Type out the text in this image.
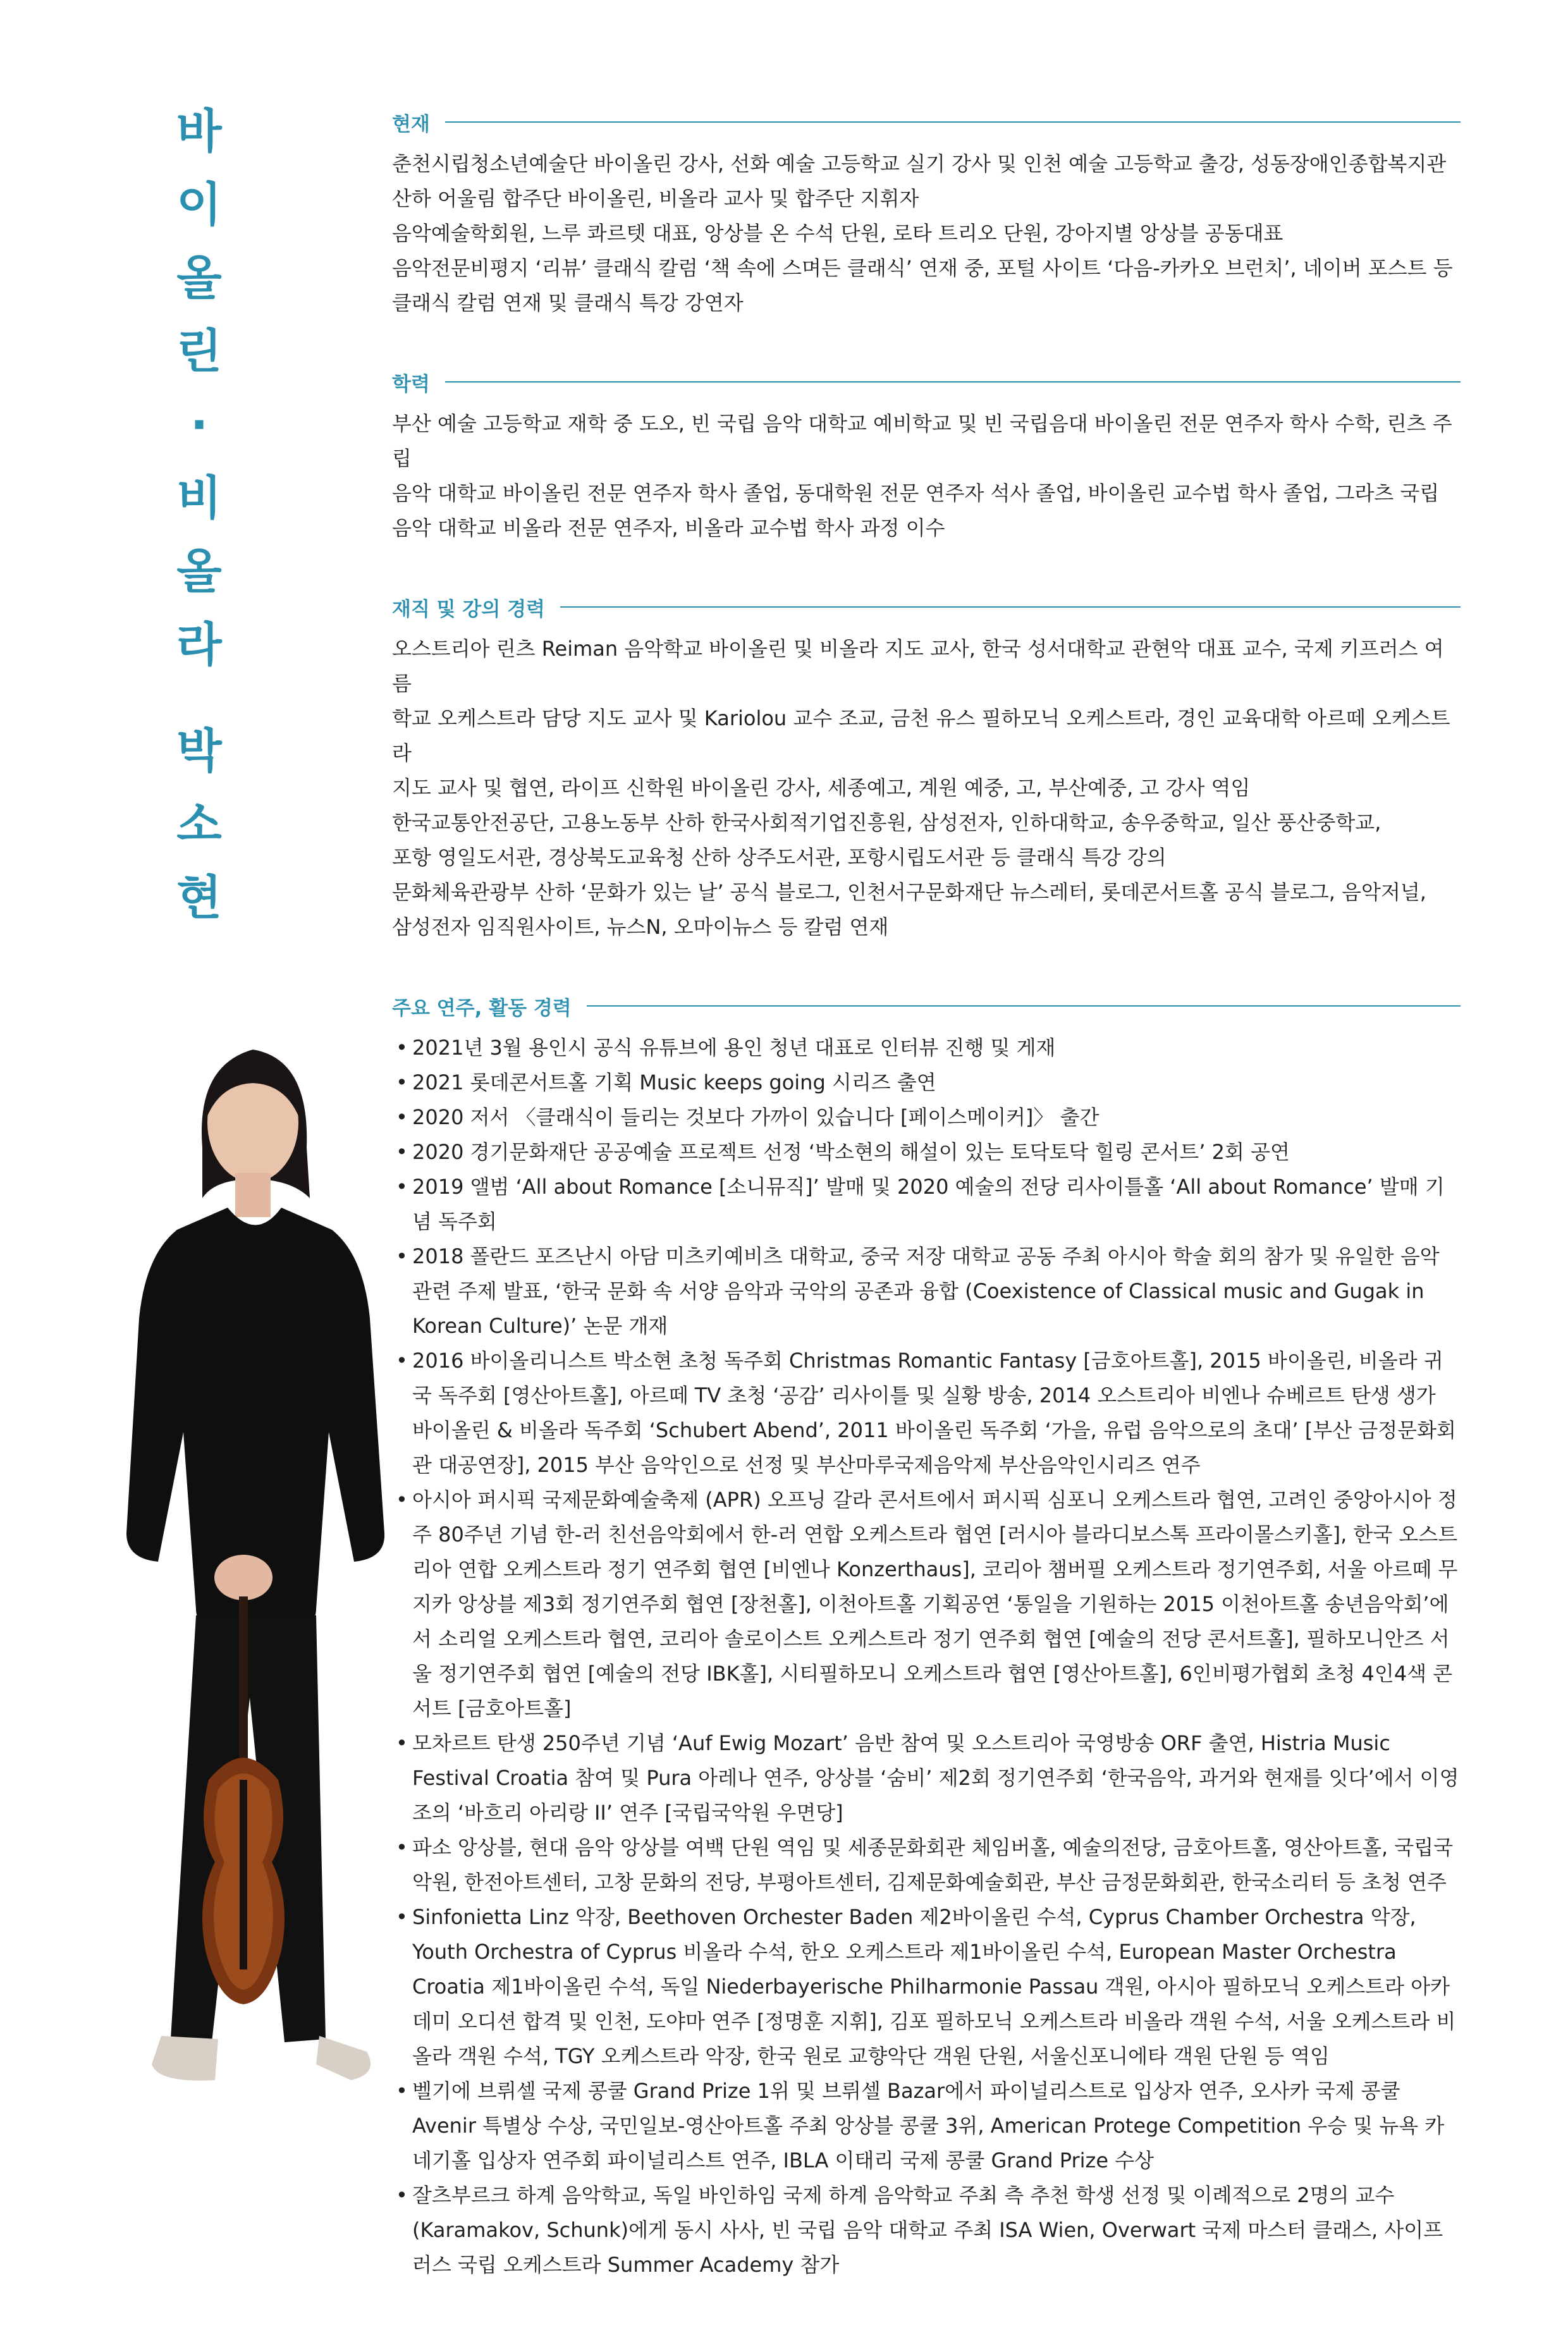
바
이
올
린
·
비
올
라
박
소
현
현재

춘천시립청소년예술단 바이올린 강사, 선화 예술 고등학교 실기 강사 및 인천 예술 고등학교 출강, 성동장애인종합복지관

산하 어울림 합주단 바이올린, 비올라 교사 및 합주단 지휘자

음악예술학회원, 느루 콰르텟 대표, 앙상블 온 수석 단원, 로타 트리오 단원, 강아지별 앙상블 공동대표

음악전문비평지 ‘리뷰’ 클래식 칼럼 ‘책 속에 스며든 클래식’ 연재 중, 포털 사이트 ‘다음-카카오 브런치’, 네이버 포스트 등

클래식 칼럼 연재 및 클래식 특강 강연자

학력

부산 예술 고등학교 재학 중 도오, 빈 국립 음악 대학교 예비학교 및 빈 국립음대 바이올린 전문 연주자 학사 수학, 린츠 주립

음악 대학교 바이올린 전문 연주자 학사 졸업, 동대학원 전문 연주자 석사 졸업, 바이올린 교수법 학사 졸업, 그라츠 국립

음악 대학교 비올라 전문 연주자, 비올라 교수법 학사 과정 이수

재직 및 강의 경력

오스트리아 린츠 Reiman 음악학교 바이올린 및 비올라 지도 교사, 한국 성서대학교 관현악 대표 교수, 국제 키프러스 여름

학교 오케스트라 담당 지도 교사 및 Kariolou 교수 조교, 금천 유스 필하모닉 오케스트라, 경인 교육대학 아르떼 오케스트라

지도 교사 및 협연, 라이프 신학원 바이올린 강사, 세종예고, 계원 예중, 고, 부산예중, 고 강사 역임

한국교통안전공단, 고용노동부 산하 한국사회적기업진흥원, 삼성전자, 인하대학교, 송우중학교, 일산 풍산중학교,

포항 영일도서관, 경상북도교육청 산하 상주도서관, 포항시립도서관 등 클래식 특강 강의

문화체육관광부 산하 ‘문화가 있는 날’ 공식 블로그, 인천서구문화재단 뉴스레터, 롯데콘서트홀 공식 블로그, 음악저널,

삼성전자 임직원사이트, 뉴스N, 오마이뉴스 등 칼럼 연재

주요 연주, 활동 경력
• 2021년 3월 용인시 공식 유튜브에 용인 청년 대표로 인터뷰 진행 및 게재
• 2021 롯데콘서트홀 기획 Music keeps going 시리즈 출연
• 2020 저서 〈클래식이 들리는 것보다 가까이 있습니다 [페이스메이커]〉 출간
• 2020 경기문화재단 공공예술 프로젝트 선정 ‘박소현의 해설이 있는 토닥토닥 힐링 콘서트’ 2회 공연
• 2019 앨범 ‘All about Romance [소니뮤직]’ 발매 및 2020 예술의 전당 리사이틀홀 ‘All about Romance’ 발매 기념 독주회
• 2018 폴란드 포즈난시 아담 미츠키예비츠 대학교, 중국 저장 대학교 공동 주최 아시아 학술 회의 참가 및 유일한 음악 관련 주제 발표, ‘한국 문화 속 서양 음악과 국악의 공존과 융합 (Coexistence of Classical music and Gugak in Korean Culture)’ 논문 개재
• 2016 바이올리니스트 박소현 초청 독주회 Christmas Romantic Fantasy [금호아트홀], 2015 바이올린, 비올라 귀국 독주회 [영산아트홀], 아르떼 TV 초청 ‘공감’ 리사이틀 및 실황 방송, 2014 오스트리아 비엔나 슈베르트 탄생 생가 바이올린 & 비올라 독주회 ‘Schubert Abend’, 2011 바이올린 독주회 ‘가을, 유럽 음악으로의 초대’ [부산 금정문화회관 대공연장], 2015 부산 음악인으로 선정 및 부산마루국제음악제 부산음악인시리즈 연주
• 아시아 퍼시픽 국제문화예술축제 (APR) 오프닝 갈라 콘서트에서 퍼시픽 심포니 오케스트라 협연, 고려인 중앙아시아 정주 80주년 기념 한-러 친선음악회에서 한-러 연합 오케스트라 협연 [러시아 블라디보스톡 프라이몰스키홀], 한국 오스트리아 연합 오케스트라 정기 연주회 협연 [비엔나 Konzerthaus], 코리아 챔버필 오케스트라 정기연주회, 서울 아르떼 무지카 앙상블 제3회 정기연주회 협연 [장천홀], 이천아트홀 기획공연 ‘통일을 기원하는 2015 이천아트홀 송년음악회’에서 소리얼 오케스트라 협연, 코리아 솔로이스트 오케스트라 정기 연주회 협연 [예술의 전당 콘서트홀], 필하모니안즈 서울 정기연주회 협연 [예술의 전당 IBK홀], 시티필하모니 오케스트라 협연 [영산아트홀], 6인비평가협회 초청 4인4색 콘서트 [금호아트홀]
• 모차르트 탄생 250주년 기념 ‘Auf Ewig Mozart’ 음반 참여 및 오스트리아 국영방송 ORF 출연, Histria Music Festival Croatia 참여 및 Pura 아레나 연주, 앙상블 ‘숨비’ 제2회 정기연주회 ‘한국음악, 과거와 현재를 잇다’에서 이영조의 ‘바흐리 아리랑 II’ 연주 [국립국악원 우면당]
• 파소 앙상블, 현대 음악 앙상블 여백 단원 역임 및 세종문화회관 체임버홀, 예술의전당, 금호아트홀, 영산아트홀, 국립국악원, 한전아트센터, 고창 문화의 전당, 부평아트센터, 김제문화예술회관, 부산 금정문화회관, 한국소리터 등 초청 연주
• Sinfonietta Linz 악장, Beethoven Orchester Baden 제2바이올린 수석, Cyprus Chamber Orchestra 악장, Youth Orchestra of Cyprus 비올라 수석, 한오 오케스트라 제1바이올린 수석, European Master Orchestra Croatia 제1바이올린 수석, 독일 Niederbayerische Philharmonie Passau 객원, 아시아 필하모닉 오케스트라 아카데미 오디션 합격 및 인천, 도야마 연주 [정명훈 지휘], 김포 필하모닉 오케스트라 비올라 객원 수석, 서울 오케스트라 비올라 객원 수석, TGY 오케스트라 악장, 한국 원로 교향악단 객원 단원, 서울신포니에타 객원 단원 등 역임
• 벨기에 브뤼셀 국제 콩쿨 Grand Prize 1위 및 브뤼셀 Bazar에서 파이널리스트로 입상자 연주, 오사카 국제 콩쿨 Avenir 특별상 수상, 국민일보-영산아트홀 주최 앙상블 콩쿨 3위, American Protege Competition 우승 및 뉴욕 카네기홀 입상자 연주회 파이널리스트 연주, IBLA 이태리 국제 콩쿨 Grand Prize 수상
• 잘츠부르크 하계 음악학교, 독일 바인하임 국제 하계 음악학교 주최 측 추천 학생 선정 및 이례적으로 2명의 교수 (Karamakov, Schunk)에게 동시 사사, 빈 국립 음악 대학교 주최 ISA Wien, Overwart 국제 마스터 클래스, 사이프러스 국립 오케스트라 Summer Academy 참가
